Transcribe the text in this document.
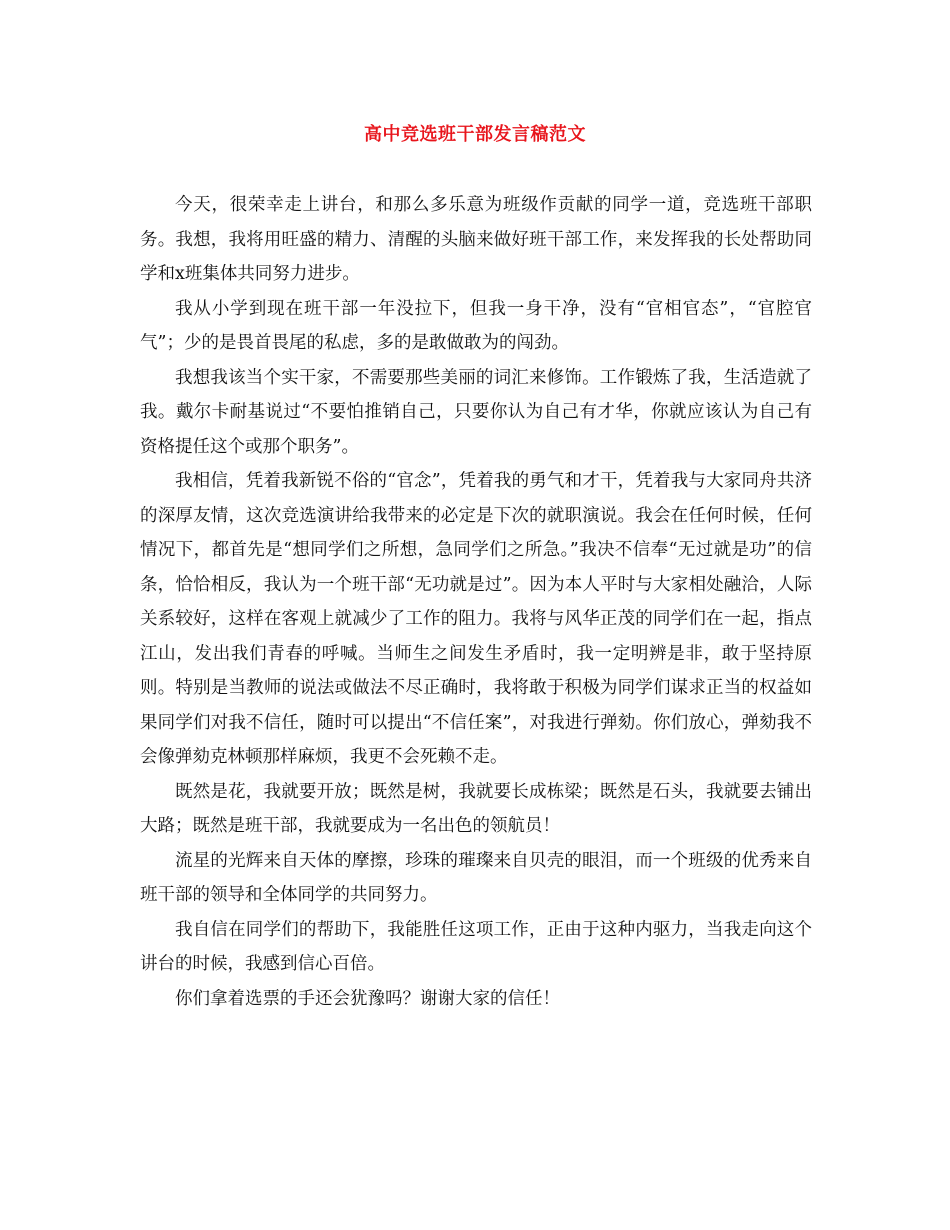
高中竞选班干部发言稿范文

今天，很荣幸走上讲台，和那么多乐意为班级作贡献的同学一道，竞选班干部职务。我想，我将用旺盛的精力、清醒的头脑来做好班干部工作，来发挥我的长处帮助同学和x班集体共同努力进步。

我从小学到现在班干部一年没拉下，但我一身干净，没有“官相官态”，“官腔官气”；少的是畏首畏尾的私虑，多的是敢做敢为的闯劲。

我想我该当个实干家，不需要那些美丽的词汇来修饰。工作锻炼了我，生活造就了我。戴尔卡耐基说过“不要怕推销自己，只要你认为自己有才华，你就应该认为自己有资格提任这个或那个职务”。

我相信，凭着我新锐不俗的“官念”，凭着我的勇气和才干，凭着我与大家同舟共济的深厚友情，这次竞选演讲给我带来的必定是下次的就职演说。我会在任何时候，任何情况下，都首先是“想同学们之所想，急同学们之所急。”我决不信奉“无过就是功”的信条，恰恰相反，我认为一个班干部“无功就是过”。因为本人平时与大家相处融洽，人际关系较好，这样在客观上就减少了工作的阻力。我将与风华正茂的同学们在一起，指点江山，发出我们青春的呼喊。当师生之间发生矛盾时，我一定明辨是非，敢于坚持原则。特别是当教师的说法或做法不尽正确时，我将敢于积极为同学们谋求正当的权益如果同学们对我不信任，随时可以提出“不信任案”，对我进行弹劾。你们放心，弹劾我不会像弹劾克林顿那样麻烦，我更不会死赖不走。

既然是花，我就要开放；既然是树，我就要长成栋梁；既然是石头，我就要去铺出大路；既然是班干部，我就要成为一名出色的领航员！

流星的光辉来自天体的摩擦，珍珠的璀璨来自贝壳的眼泪，而一个班级的优秀来自班干部的领导和全体同学的共同努力。

我自信在同学们的帮助下，我能胜任这项工作，正由于这种内驱力，当我走向这个讲台的时候，我感到信心百倍。

你们拿着选票的手还会犹豫吗？谢谢大家的信任！
